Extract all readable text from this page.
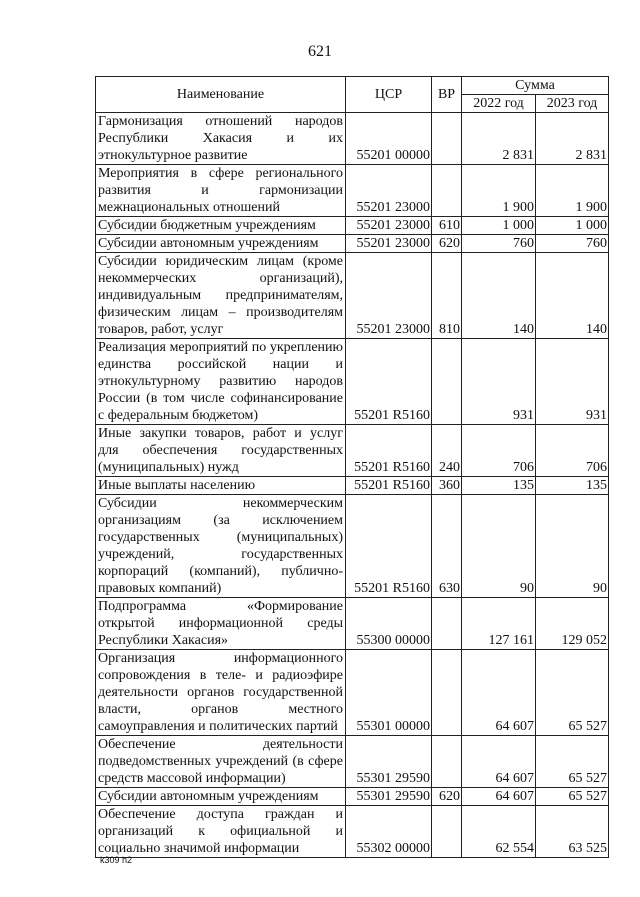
621
Наименование	ЦСР	ВР	Сумма	
			2022 год	2023 год
Гармонизация отношений народов Республики Хакасия и их этнокультурное развитие	55201 00000		2 831	2 831
Мероприятия в сфере регионального развития и гармонизации межнациональных отношений	55201 23000		1 900	1 900
Субсидии бюджетным учреждениям	55201 23000	610	1 000	1 000
Субсидии автономным учреждениям	55201 23000	620	760	760
Субсидии юридическим лицам (кроме некоммерческих организаций), индивидуальным предпринимателям, физическим лицам – производителям товаров, работ, услуг	55201 23000	810	140	140
Реализация мероприятий по укреплению единства российской нации и этнокультурному развитию народов России (в том числе софинансирование с федеральным бюджетом)	55201 R5160		931	931
Иные закупки товаров, работ и услуг для обеспечения государственных (муниципальных) нужд	55201 R5160	240	706	706
Иные выплаты населению	55201 R5160	360	135	135
Субсидии некоммерческим организациям (за исключением государственных (муниципальных) учреждений, государственных корпораций (компаний), публично-правовых компаний)	55201 R5160	630	90	90
Подпрограмма «Формирование открытой информационной среды Республики Хакасия»	55300 00000		127 161	129 052
Организация информационного сопровождения в теле- и радиоэфире деятельности органов государственной власти, органов местного самоуправления и политических партий	55301 00000		64 607	65 527
Обеспечение деятельности подведомственных учреждений (в сфере средств массовой информации)	55301 29590		64 607	65 527
Субсидии автономным учреждениям	55301 29590	620	64 607	65 527
Обеспечение доступа граждан и организаций к официальной и социально значимой информации	55302 00000		62 554	63 525
k309 h2
